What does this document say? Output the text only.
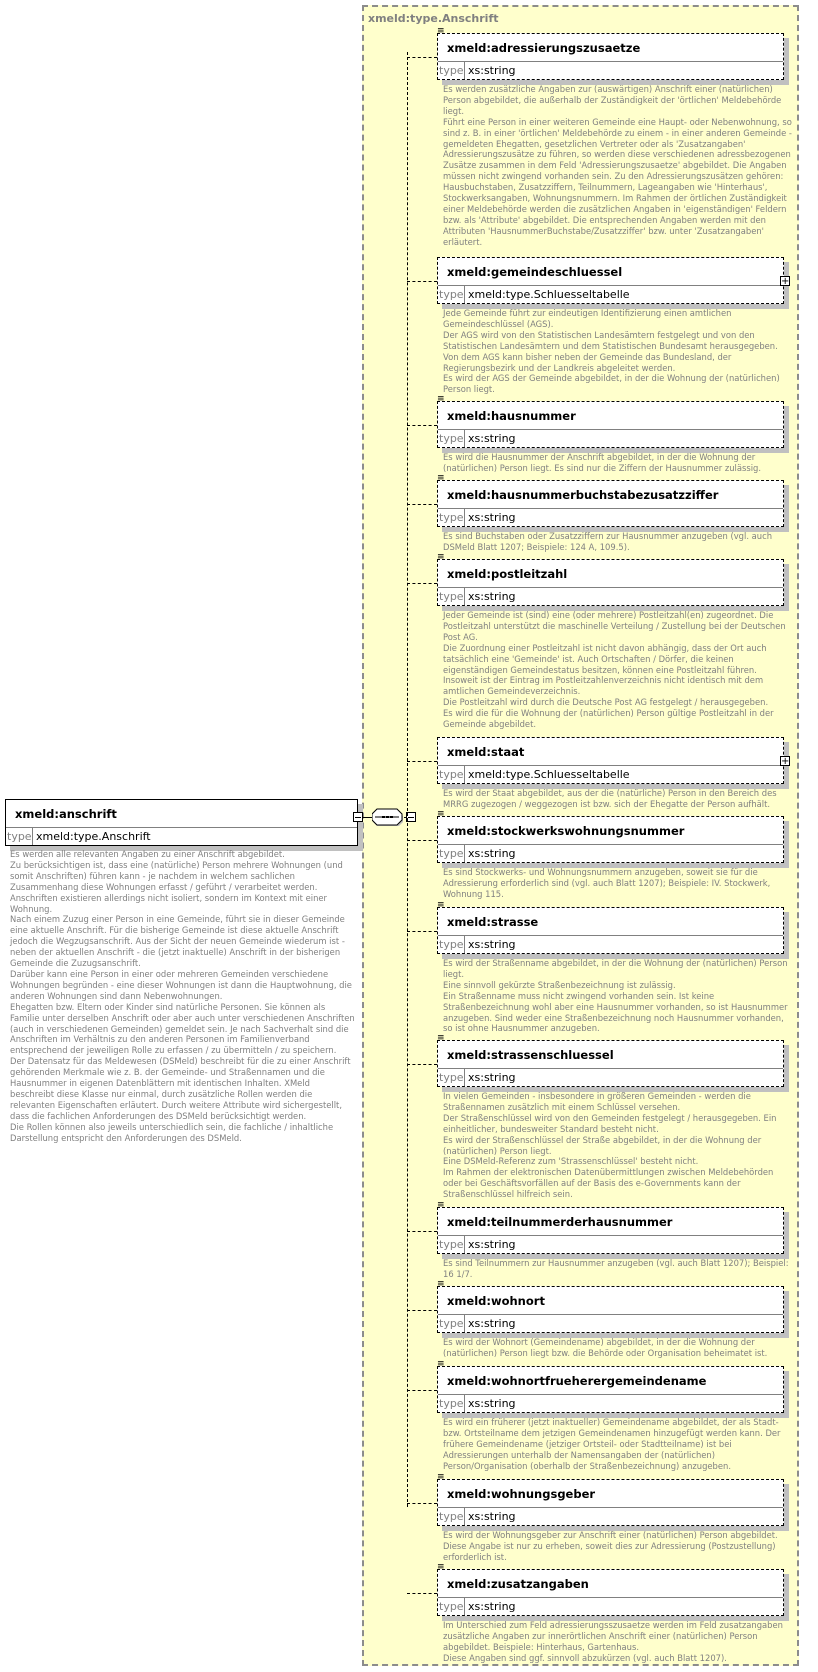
xmeld:type.Anschrift
xmeld:anschrift
type xmeld:type.Anschrift
Es werden alle relevanten Angaben zu einer Anschrift abgebildet.
Zu berücksichtigen ist, dass eine (natürliche) Person mehrere Wohnungen (und somit Anschriften) führen kann - je nachdem in welchem sachlichen Zusammenhang diese Wohnungen erfasst / geführt / verarbeitet werden. Anschriften existieren allerdings nicht isoliert, sondern im Kontext mit einer Wohnung.
Nach einem Zuzug einer Person in eine Gemeinde, führt sie in dieser Gemeinde eine aktuelle Anschrift. Für die bisherige Gemeinde ist diese aktuelle Anschrift jedoch die Wegzugsanschrift. Aus der Sicht der neuen Gemeinde wiederum ist - neben der aktuellen Anschrift - die (jetzt inaktuelle) Anschrift in der bisherigen Gemeinde die Zuzugsanschrift.
Darüber kann eine Person in einer oder mehreren Gemeinden verschiedene Wohnungen begründen - eine dieser Wohnungen ist dann die Hauptwohnung, die anderen Wohnungen sind dann Nebenwohnungen.
Ehegatten bzw. Eltern oder Kinder sind natürliche Personen. Sie können als Familie unter derselben Anschrift oder aber auch unter verschiedenen Anschriften (auch in verschiedenen Gemeinden) gemeldet sein. Je nach Sachverhalt sind die Anschriften im Verhältnis zu den anderen Personen im Familienverband entsprechend der jeweiligen Rolle zu erfassen / zu übermitteln / zu speichern.
Der Datensatz für das Meldewesen (DSMeld) beschreibt für die zu einer Anschrift gehörenden Merkmale wie z. B. der Gemeinde- und Straßennamen und die Hausnummer in eigenen Datenblättern mit identischen Inhalten. XMeld beschreibt diese Klasse nur einmal, durch zusätzliche Rollen werden die relevanten Eigenschaften erläutert. Durch weitere Attribute wird sichergestellt, dass die fachlichen Anforderungen des DSMeld berücksichtigt werden.
Die Rollen können also jeweils unterschiedlich sein, die fachliche / inhaltliche Darstellung entspricht den Anforderungen des DSMeld.
≡
xmeld:adressierungszusaetze
type xs:string
Es werden zusätzliche Angaben zur (auswärtigen) Anschrift einer (natürlichen) Person abgebildet, die außerhalb der Zuständigkeit der 'örtlichen' Meldebehörde liegt.
Führt eine Person in einer weiteren Gemeinde eine Haupt- oder Nebenwohnung, so sind z. B. in einer 'örtlichen' Meldebehörde zu einem - in einer anderen Gemeinde - gemeldeten Ehegatten, gesetzlichen Vertreter oder als 'Zusatzangaben' Adressierungszusätze zu führen, so werden diese verschiedenen adressbezogenen Zusätze zusammen in dem Feld 'Adressierungszusaetze' abgebildet. Die Angaben müssen nicht zwingend vorhanden sein. Zu den Adressierungszusätzen gehören: Hausbuchstaben, Zusatzziffern, Teilnummern, Lageangaben wie 'Hinterhaus', Stockwerksangaben, Wohnungsnummern. Im Rahmen der örtlichen Zuständigkeit einer Meldebehörde werden die zusätzlichen Angaben in 'eigenständigen' Feldern bzw. als 'Attribute' abgebildet. Die entsprechenden Angaben werden mit den Attributen 'HausnummerBuchstabe/Zusatzziffer' bzw. unter 'Zusatzangaben' erläutert.
xmeld:gemeindeschluessel
type xmeld:type.Schluesseltabelle
+
Jede Gemeinde führt zur eindeutigen Identifizierung einen amtlichen Gemeindeschlüssel (AGS).
Der AGS wird von den Statistischen Landesämtern festgelegt und von den Statistischen Landesämtern und dem Statistischen Bundesamt herausgegeben. Von dem AGS kann bisher neben der Gemeinde das Bundesland, der Regierungsbezirk und der Landkreis abgeleitet werden.
Es wird der AGS der Gemeinde abgebildet, in der die Wohnung der (natürlichen) Person liegt.
≡
xmeld:hausnummer
type xs:string
Es wird die Hausnummer der Anschrift abgebildet, in der die Wohnung der (natürlichen) Person liegt. Es sind nur die Ziffern der Hausnummer zulässig.
≡
xmeld:hausnummerbuchstabezusatzziffer
type xs:string
Es sind Buchstaben oder Zusatzziffern zur Hausnummer anzugeben (vgl. auch DSMeld Blatt 1207; Beispiele: 124 A, 109.5).
≡
xmeld:postleitzahl
type xs:string
Jeder Gemeinde ist (sind) eine (oder mehrere) Postleitzahl(en) zugeordnet. Die Postleitzahl unterstützt die maschinelle Verteilung / Zustellung bei der Deutschen Post AG.
Die Zuordnung einer Postleitzahl ist nicht davon abhängig, dass der Ort auch tatsächlich eine 'Gemeinde' ist. Auch Ortschaften / Dörfer, die keinen eigenständigen Gemeindestatus besitzen, können eine Postleitzahl führen. Insoweit ist der Eintrag im Postleitzahlenverzeichnis nicht identisch mit dem amtlichen Gemeindeverzeichnis.
Die Postleitzahl wird durch die Deutsche Post AG festgelegt / herausgegeben.
Es wird die für die Wohnung der (natürlichen) Person gültige Postleitzahl in der Gemeinde abgebildet.
xmeld:staat
type xmeld:type.Schluesseltabelle
+
Es wird der Staat abgebildet, aus der die (natürliche) Person in den Bereich des MRRG zugezogen / weggezogen ist bzw. sich der Ehegatte der Person aufhält.
≡
xmeld:stockwerkswohnungsnummer
type xs:string
Es sind Stockwerks- und Wohnungsnummern anzugeben, soweit sie für die Adressierung erforderlich sind (vgl. auch Blatt 1207); Beispiele: IV. Stockwerk, Wohnung 115.
≡
xmeld:strasse
type xs:string
Es wird der Straßenname abgebildet, in der die Wohnung der (natürlichen) Person liegt.
Eine sinnvoll gekürzte Straßenbezeichnung ist zulässig.
Ein Straßenname muss nicht zwingend vorhanden sein. Ist keine Straßenbezeichnung wohl aber eine Hausnummer vorhanden, so ist Hausnummer anzugeben. Sind weder eine Straßenbezeichnung noch Hausnummer vorhanden, so ist ohne Hausnummer anzugeben.
≡
xmeld:strassenschluessel
type xs:string
In vielen Gemeinden - insbesondere in größeren Gemeinden - werden die Straßennamen zusätzlich mit einem Schlüssel versehen.
Der Straßenschlüssel wird von den Gemeinden festgelegt / herausgegeben. Ein einheitlicher, bundesweiter Standard besteht nicht.
Es wird der Straßenschlüssel der Straße abgebildet, in der die Wohnung der (natürlichen) Person liegt.
Eine DSMeld-Referenz zum 'Strassenschlüssel' besteht nicht.
Im Rahmen der elektronischen Datenübermittlungen zwischen Meldebehörden oder bei Geschäftsvorfällen auf der Basis des e-Governments kann der Straßenschlüssel hilfreich sein.
≡
xmeld:teilnummerderhausnummer
type xs:string
Es sind Teilnummern zur Hausnummer anzugeben (vgl. auch Blatt 1207); Beispiel: 16 1/7.
≡
xmeld:wohnort
type xs:string
Es wird der Wohnort (Gemeindename) abgebildet, in der die Wohnung der (natürlichen) Person liegt bzw. die Behörde oder Organisation beheimatet ist.
≡
xmeld:wohnortfrueherergemeindename
type xs:string
Es wird ein früherer (jetzt inaktueller) Gemeindename abgebildet, der als Stadt- bzw. Ortsteilname dem jetzigen Gemeindenamen hinzugefügt werden kann. Der frühere Gemeindename (jetziger Ortsteil- oder Stadtteilname) ist bei Adressierungen unterhalb der Namensangaben der (natürlichen) Person/Organisation (oberhalb der Straßenbezeichnung) anzugeben.
≡
xmeld:wohnungsgeber
type xs:string
Es wird der Wohnungsgeber zur Anschrift einer (natürlichen) Person abgebildet. Diese Angabe ist nur zu erheben, soweit dies zur Adressierung (Postzustellung) erforderlich ist.
≡
xmeld:zusatzangaben
type xs:string
Im Unterschied zum Feld adressierungsszusaetze werden im Feld zusatzangaben zusätzliche Angaben zur innerörtlichen Anschrift einer (natürlichen) Person abgebildet. Beispiele: Hinterhaus, Gartenhaus.
Diese Angaben sind ggf. sinnvoll abzukürzen (vgl. auch Blatt 1207).
